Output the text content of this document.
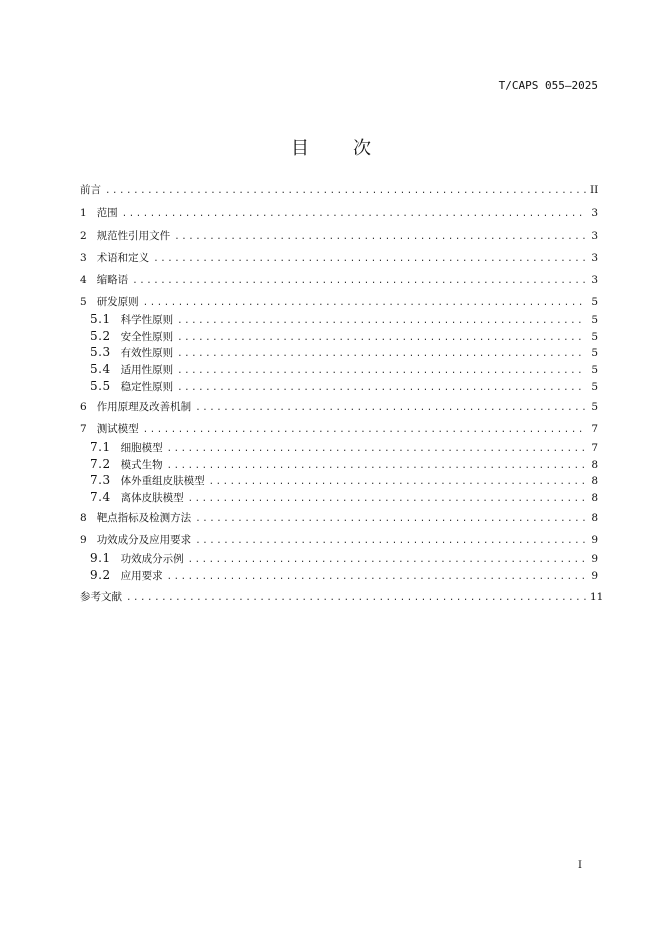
T/CAPS 055—2025
目 次
前言 .....	II
1 范围 .....	3
2 规范性引用文件 .....	3
3 术语和定义 .....	3
4 缩略语 .....	3
5 研发原则 .....	5
5.1 科学性原则 .....	5
5.2 安全性原则 .....	5
5.3 有效性原则 .....	5
5.4 适用性原则 .....	5
5.5 稳定性原则 .....	5
6 作用原理及改善机制 .....	5
7 测试模型 .....	7
7.1 细胞模型 .....	7
7.2 模式生物 .....	8
7.3 体外重组皮肤模型 .....	8
7.4 离体皮肤模型 .....	8
8 靶点指标及检测方法 .....	8
9 功效成分及应用要求 .....	9
9.1 功效成分示例 .....	9
9.2 应用要求 .....	9
参考文献 .....	11
I
